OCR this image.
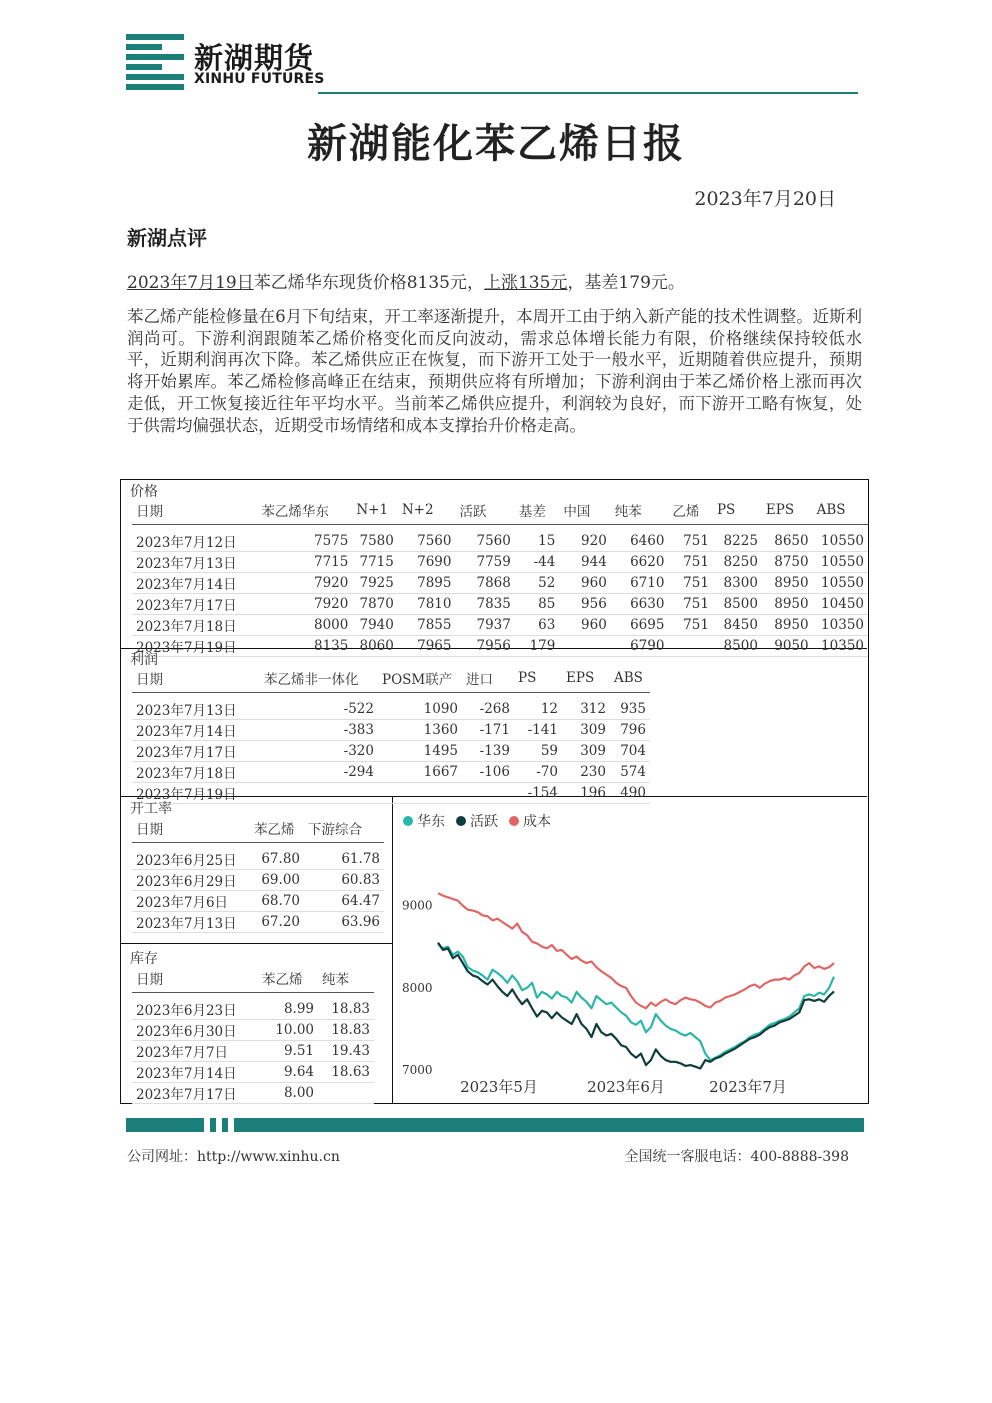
新湖期货
XINHU FUTURES
新湖能化苯乙烯日报
2023年7月20日
新湖点评
2023年7月19日苯乙烯华东现货价格8135元，上涨135元，基差179元。
苯乙烯产能检修量在6月下旬结束，开工率逐渐提升，本周开工由于纳入新产能的技术性调整。近斯利润尚可。下游利润跟随苯乙烯价格变化而反向波动，需求总体增长能力有限，价格继续保持较低水平，近期利润再次下降。苯乙烯供应正在恢复，而下游开工处于一般水平，近期随着供应提升，预期将开始累库。苯乙烯检修高峰正在结束，预期供应将有所增加；下游利润由于苯乙烯价格上涨而再次走低，开工恢复接近往年平均水平。当前苯乙烯供应提升，利润较为良好，而下游开工略有恢复，处于供需均偏强状态，近期受市场情绪和成本支撑抬升价格走高。
价格
日期	苯乙烯华东	N+1	N+2	活跃	基差	中国	纯苯	乙烯	PS	EPS	ABS

2023年7月12日	7575	7580	7560	7560	15	920	6460	751	8225	8650	10550
2023年7月13日	7715	7715	7690	7759	-44	944	6620	751	8250	8750	10550
2023年7月14日	7920	7925	7895	7868	52	960	6710	751	8300	8950	10550
2023年7月17日	7920	7870	7810	7835	85	956	6630	751	8500	8950	10450
2023年7月18日	8000	7940	7855	7937	63	960	6695	751	8450	8950	10350
2023年7月19日	8135	8060	7965	7956	179		6790		8500	9050	10350
利润
日期	苯乙烯非一体化	POSM联产	进口	PS	EPS	ABS

2023年7月13日	-522	1090	-268	12	312	935
2023年7月14日	-383	1360	-171	-141	309	796
2023年7月17日	-320	1495	-139	59	309	704
2023年7月18日	-294	1667	-106	-70	230	574
2023年7月19日				-154	196	490
开工率
日期	苯乙烯	下游综合

2023年6月25日	67.80	61.78
2023年6月29日	69.00	60.83
2023年7月6日	68.70	64.47
2023年7月13日	67.20	63.96
库存
日期	苯乙烯	纯苯

2023年6月23日	8.99	18.83
2023年6月30日	10.00	18.83
2023年7月7日	9.51	19.43
2023年7月14日	9.64	18.63
2023年7月17日	8.00	
7000
8000
9000
2023年5月	2023年6月	2023年7月
华东 活跃 成本
公司网址：http://www.xinhu.cn	全国统一客服电话：400-8888-398
